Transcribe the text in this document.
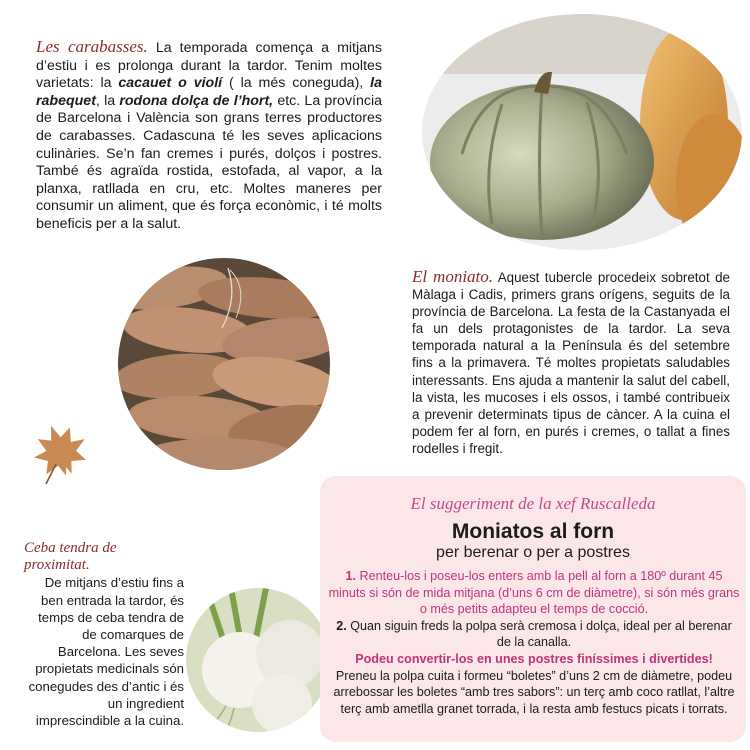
Les carabasses. La temporada comença a mitjans d’estiu i es prolonga durant la tardor. Tenim moltes varietats: la cacauet o violí ( la més coneguda), la rabequet, la rodona dolça de l’hort, etc. La província de Barcelona i València son grans terres productores de carabasses. Cadascuna té les seves aplicacions culinàries. Se’n fan cremes i purés, dolços i postres. També és agraïda rostida, estofada, al vapor, a la planxa, ratllada en cru, etc. Moltes maneres per consumir un aliment, que és força econòmic, i té molts beneficis per a la salut.
El moniato. Aquest tubercle procedeix sobretot de Màlaga i Cadis, primers grans orígens, seguits de la província de Barcelona. La festa de la Castanyada el fa un dels protagonistes de la tardor. La seva temporada natural a la Península és del setembre fins a la primavera. Té moltes propietats saludables interessants. Ens ajuda a mantenir la salut del cabell, la vista, les mucoses i els ossos, i també contribueix a prevenir determinats tipus de càncer. A la cuina el podem fer al forn, en purés i cremes, o tallat a fines rodelles i fregit.
Ceba tendra de proximitat.
De mitjans d’estiu fins a ben entrada la tardor, és temps de ceba tendra de de comarques de Barcelona. Les seves propietats medicinals són conegudes des d’antic i és un ingredient imprescindible a la cuina.
El suggeriment de la xef Ruscalleda
Moniatos al forn
per berenar o per a postres
1. Renteu-los i poseu-los enters amb la pell al forn a 180º durant 45 minuts si són de mida mitjana (d’uns 6 cm de diàmetre), si són més grans o més petits adapteu el temps de cocció.
2. Quan siguin freds la polpa serà cremosa i dolça, ideal per al berenar de la canalla.
Podeu convertir-los en unes postres finíssimes i divertides!
Preneu la polpa cuita i formeu “boletes” d’uns 2 cm de diàmetre, podeu arrebossar les boletes “amb tres sabors”: un terç amb coco ratllat, l’altre terç amb ametlla granet torrada, i la resta amb festucs picats i torrats.
